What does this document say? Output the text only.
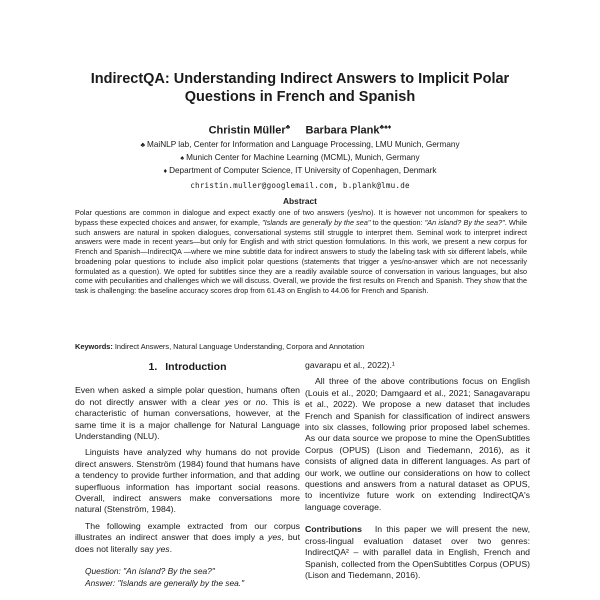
IndirectQA: Understanding Indirect Answers to Implicit Polar
Questions in French and Spanish
Christin Müller♣ Barbara Plank♣♠♦
♣ MaiNLP lab, Center for Information and Language Processing, LMU Munich, Germany
♠ Munich Center for Machine Learning (MCML), Munich, Germany
♦ Department of Computer Science, IT University of Copenhagen, Denmark
christin.muller@googlemail.com, b.plank@lmu.de
Abstract
Polar questions are common in dialogue and expect exactly one of two answers (yes/no). It is however not uncommon for speakers to bypass these expected choices and answer, for example, "Islands are generally by the sea" to the question: "An island? By the sea?". While such answers are natural in spoken dialogues, conversational systems still struggle to interpret them. Seminal work to interpret indirect answers were made in recent years—but only for English and with strict question formulations. In this work, we present a new corpus for French and Spanish—IndirectQA —where we mine subtitle data for indirect answers to study the labeling task with six different labels, while broadening polar questions to include also implicit polar questions (statements that trigger a yes/no-answer which are not necessarily formulated as a question). We opted for subtitles since they are a readily available source of conversation in various languages, but also come with peculiarities and challenges which we will discuss. Overall, we provide the first results on French and Spanish. They show that the task is challenging: the baseline accuracy scores drop from 61.43 on English to 44.06 for French and Spanish.
Keywords: Indirect Answers, Natural Language Understanding, Corpora and Annotation
1. Introduction

Even when asked a simple polar question, humans often do not directly answer with a clear yes or no. This is characteristic of human conversations, however, at the same time it is a major challenge for Natural Language Understanding (NLU).

Linguists have analyzed why humans do not provide direct answers. Stenström (1984) found that humans have a tendency to provide further information, and that adding superfluous information has important social reasons. Overall, indirect answers make conversations more natural (Stenström, 1984).

The following example extracted from our corpus illustrates an indirect answer that does imply a yes, but does not literally say yes.

Question: "An island? By the sea?"
Answer: "Islands are generally by the sea."

gavarapu et al., 2022).¹

All three of the above contributions focus on English (Louis et al., 2020; Damgaard et al., 2021; Sanagavarapu et al., 2022). We propose a new dataset that includes French and Spanish for classification of indirect answers into six classes, following prior proposed label schemes. As our data source we propose to mine the OpenSubtitles Corpus (OPUS) (Lison and Tiedemann, 2016), as it consists of aligned data in different languages. As part of our work, we outline our considerations on how to collect questions and answers from a natural dataset as OPUS, to incentivize future work on extending IndirectQA's language coverage.

Contributions In this paper we will present the new, cross-lingual evaluation dataset over two genres: IndirectQA² – with parallel data in English, French and Spanish, collected from the OpenSubtitles Corpus (OPUS) (Lison and Tiedemann, 2016).
